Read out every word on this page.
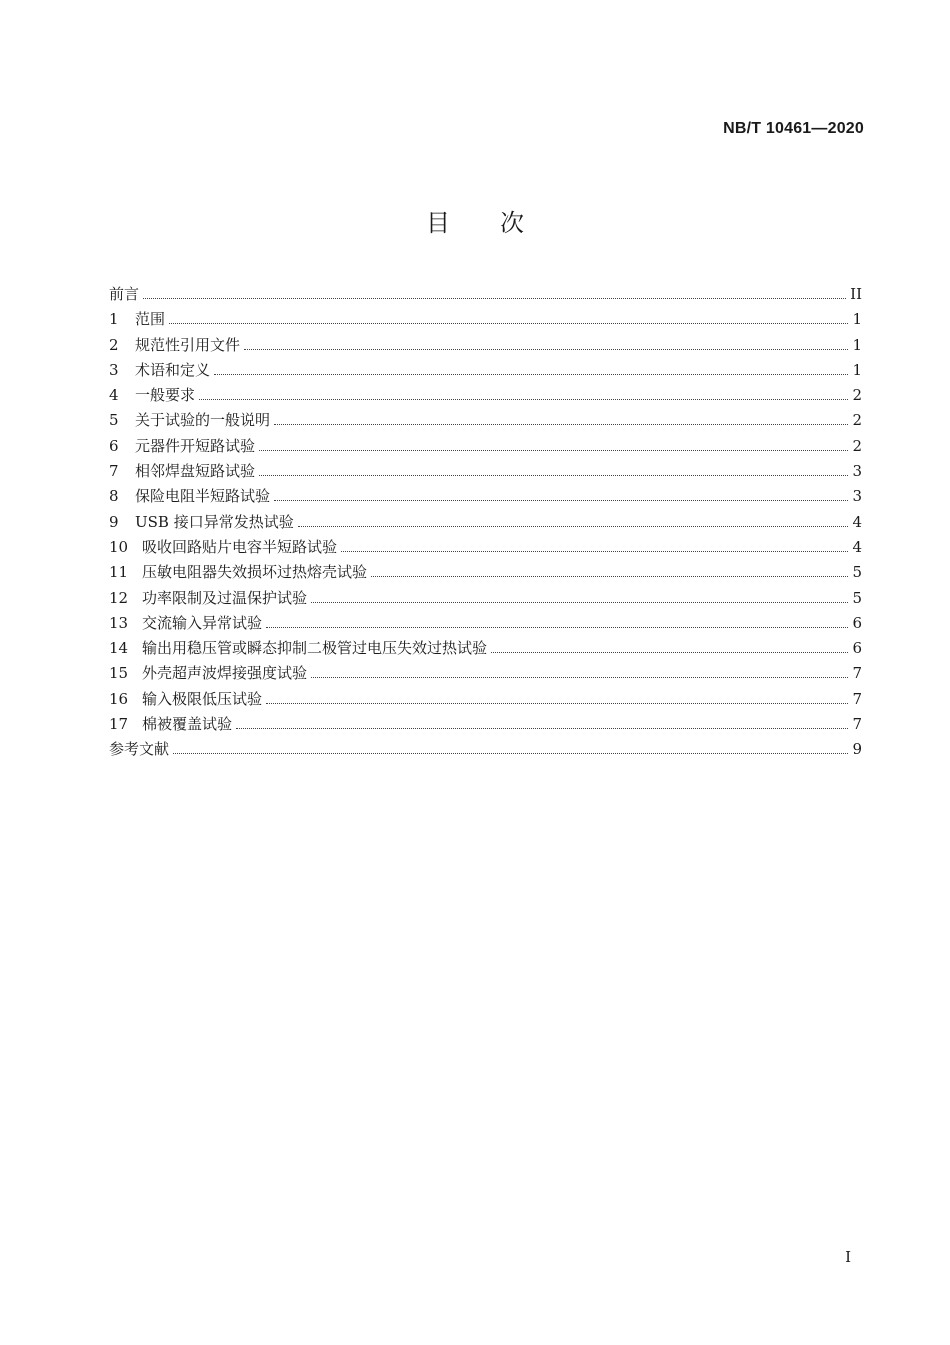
NB/T 10461—2020
目次
前言	II
1	范围	1
2	规范性引用文件	1
3	术语和定义	1
4	一般要求	2
5	关于试验的一般说明	2
6	元器件开短路试验	2
7	相邻焊盘短路试验	3
8	保险电阻半短路试验	3
9	USB 接口异常发热试验	4
10 吸收回路贴片电容半短路试验	4
11 压敏电阻器失效损坏过热熔壳试验	5
12 功率限制及过温保护试验	5
13 交流输入异常试验	6
14 输出用稳压管或瞬态抑制二极管过电压失效过热试验	6
15 外壳超声波焊接强度试验	7
16 输入极限低压试验	7
17 棉被覆盖试验	7
参考文献	9
I
